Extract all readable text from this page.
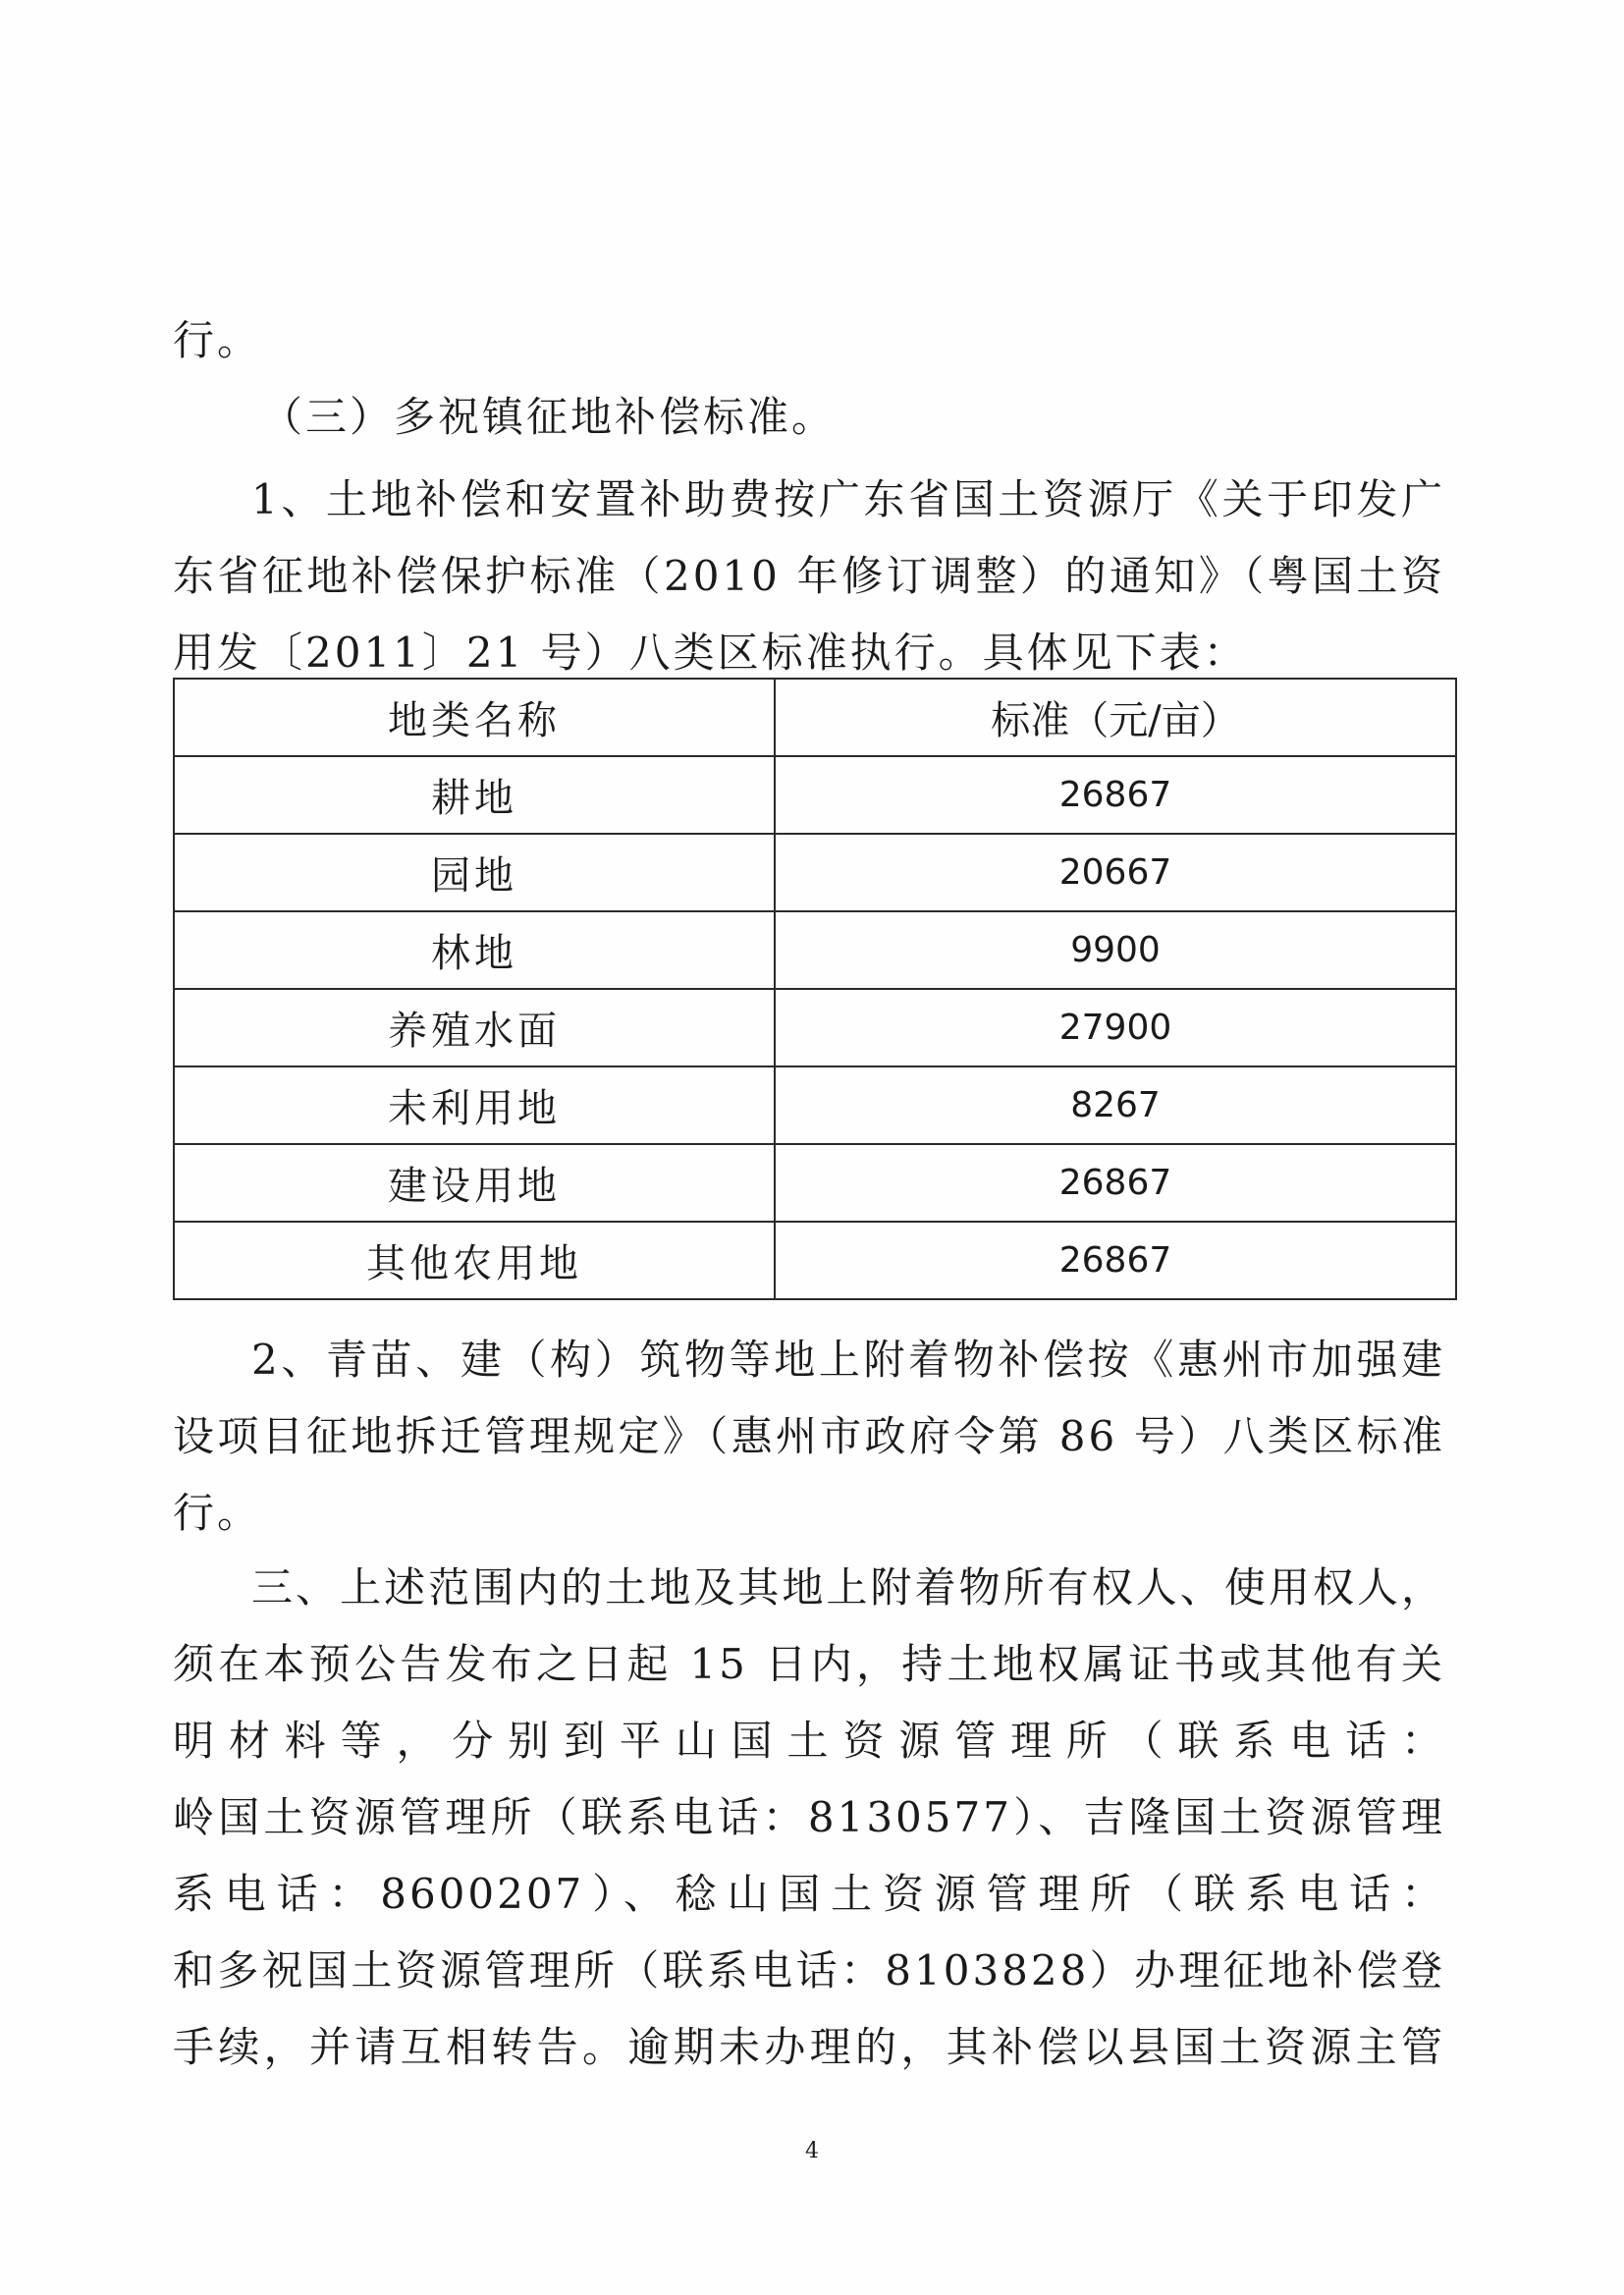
行。
（三）多祝镇征地补偿标准。

1、土地补偿和安置补助费按广东省国土资源厅《关于印发广

东省征地补偿保护标准（2010 年修订调整）的通知》（粤国土资

用发〔2011〕21 号）八类区标准执行。具体见下表：

地类名称	标准（元/亩）
耕地	26867
园地	20667
林地	9900
养殖水面	27900
未利用地	8267
建设用地	26867
其他农用地	26867

2、青苗、建（构）筑物等地上附着物补偿按《惠州市加强建

设项目征地拆迁管理规定》（惠州市政府令第 86 号）八类区标准

行。

三、上述范围内的土地及其地上附着物所有权人、使用权人，

须在本预公告发布之日起 15 日内，持土地权属证书或其他有关

明材料等，分别到平山国土资源管理所（联系电话：

岭国土资源管理所（联系电话：8130577）、吉隆国土资源管理

系电话：8600207）、稔山国土资源管理所（联系电话：

和多祝国土资源管理所（联系电话：8103828）办理征地补偿登

手续，并请互相转告。逾期未办理的，其补偿以县国土资源主管

4
